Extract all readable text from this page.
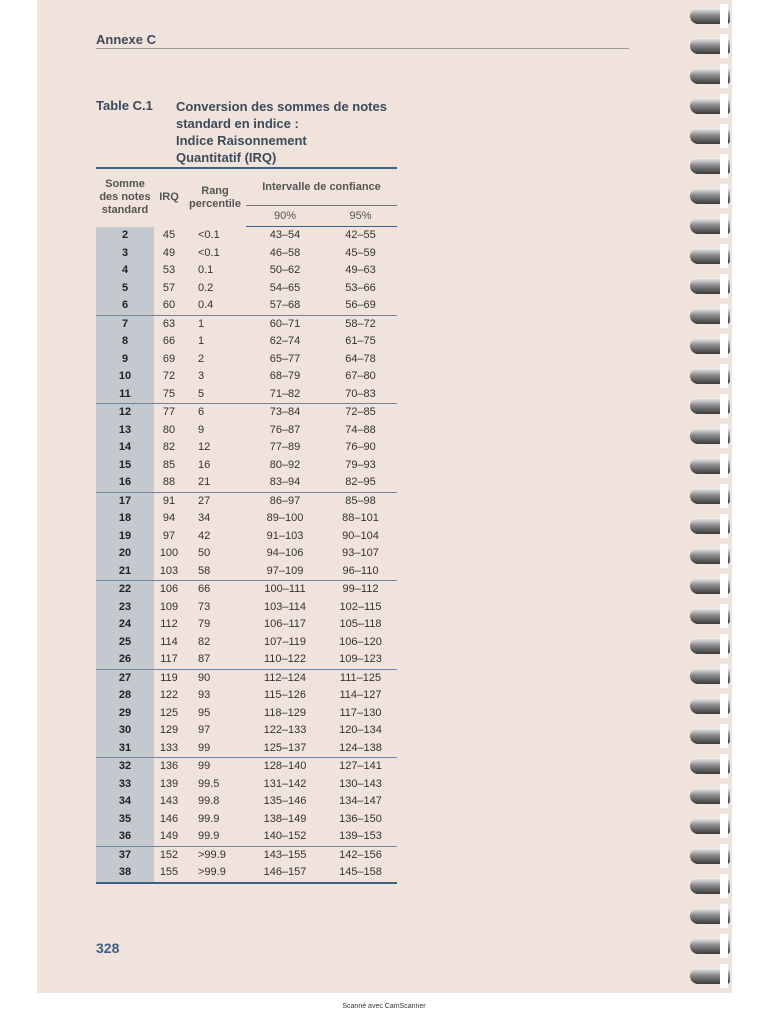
Annexe C
Table C.1 Conversion des sommes de notes
standard en indice :
Indice Raisonnement
Quantitatif (IRQ)
Somme des notes standard	IRQ	Rang percentile	Intervalle de confiance	
			90%	95%
2	45	<0.1	43–54	42–55
3	49	<0.1	46–58	45–59
4	53	0.1	50–62	49–63
5	57	0.2	54–65	53–66
6	60	0.4	57–68	56–69
7	63	1	60–71	58–72
8	66	1	62–74	61–75
9	69	2	65–77	64–78
10	72	3	68–79	67–80
11	75	5	71–82	70–83
12	77	6	73–84	72–85
13	80	9	76–87	74–88
14	82	12	77–89	76–90
15	85	16	80–92	79–93
16	88	21	83–94	82–95
17	91	27	86–97	85–98
18	94	34	89–100	88–101
19	97	42	91–103	90–104
20	100	50	94–106	93–107
21	103	58	97–109	96–110
22	106	66	100–111	99–112
23	109	73	103–114	102–115
24	112	79	106–117	105–118
25	114	82	107–119	106–120
26	117	87	110–122	109–123
27	119	90	112–124	111–125
28	122	93	115–126	114–127
29	125	95	118–129	117–130
30	129	97	122–133	120–134
31	133	99	125–137	124–138
32	136	99	128–140	127–141
33	139	99.5	131–142	130–143
34	143	99.8	135–146	134–147
35	146	99.9	138–149	136–150
36	149	99.9	140–152	139–153
37	152	>99.9	143–155	142–156
38	155	>99.9	146–157	145–158
328
Scanné avec CamScanner
